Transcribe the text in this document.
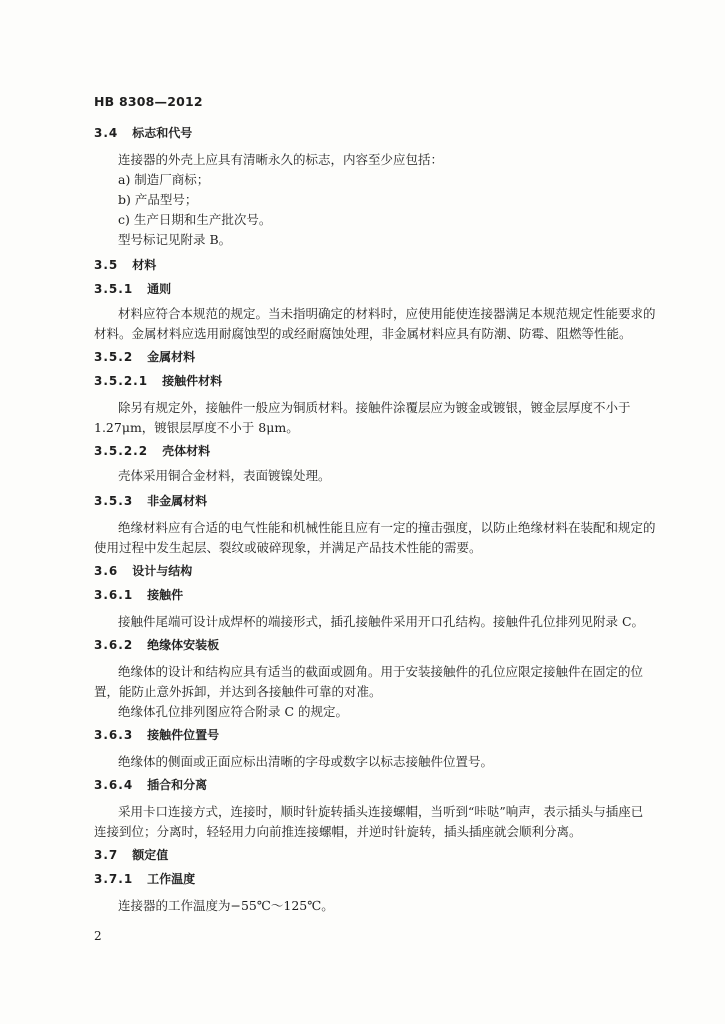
HB 8308—2012
3.4 标志和代号
连接器的外壳上应具有清晰永久的标志，内容至少应包括：
a) 制造厂商标；
b) 产品型号；
c) 生产日期和生产批次号。
型号标记见附录 B。
3.5 材料
3.5.1 通则
材料应符合本规范的规定。当未指明确定的材料时，应使用能使连接器满足本规范规定性能要求的
材料。金属材料应选用耐腐蚀型的或经耐腐蚀处理，非金属材料应具有防潮、防霉、阻燃等性能。
3.5.2 金属材料
3.5.2.1 接触件材料
除另有规定外，接触件一般应为铜质材料。接触件涂覆层应为镀金或镀银，镀金层厚度不小于
1.27μm，镀银层厚度不小于 8μm。
3.5.2.2 壳体材料
壳体采用铜合金材料，表面镀镍处理。
3.5.3 非金属材料
绝缘材料应有合适的电气性能和机械性能且应有一定的撞击强度，以防止绝缘材料在装配和规定的
使用过程中发生起层、裂纹或破碎现象，并满足产品技术性能的需要。
3.6 设计与结构
3.6.1 接触件
接触件尾端可设计成焊杯的端接形式，插孔接触件采用开口孔结构。接触件孔位排列见附录 C。
3.6.2 绝缘体安装板
绝缘体的设计和结构应具有适当的截面或圆角。用于安装接触件的孔位应限定接触件在固定的位
置，能防止意外拆卸，并达到各接触件可靠的对准。
绝缘体孔位排列图应符合附录 C 的规定。
3.6.3 接触件位置号
绝缘体的侧面或正面应标出清晰的字母或数字以标志接触件位置号。
3.6.4 插合和分离
采用卡口连接方式，连接时，顺时针旋转插头连接螺帽，当听到“咔哒”响声，表示插头与插座已
连接到位；分离时，轻轻用力向前推连接螺帽，并逆时针旋转，插头插座就会顺利分离。
3.7 额定值
3.7.1 工作温度
连接器的工作温度为−55℃～125℃。
2
